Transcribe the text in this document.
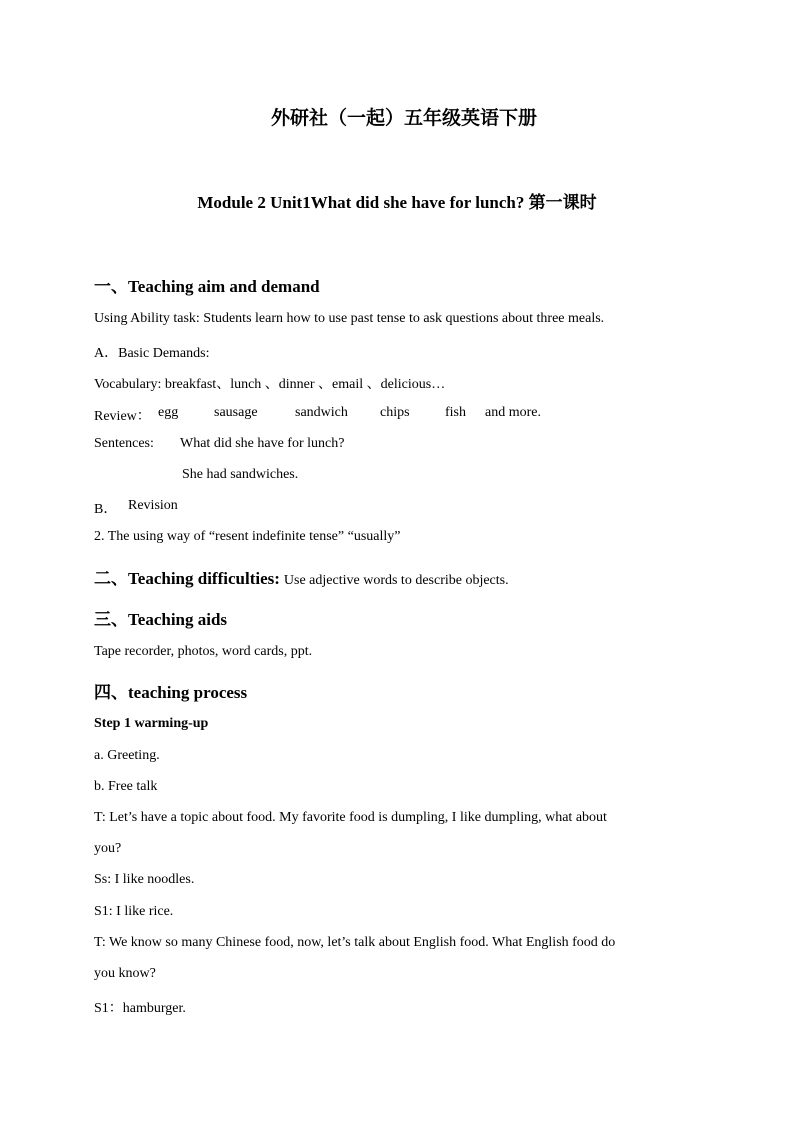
外研社（一起）五年级英语下册
Module 2 Unit1What did she have for lunch? 第一课时
一、Teaching aim and demand
Using Ability task: Students learn how to use past tense to ask questions about three meals.
A．Basic Demands:
Vocabulary: breakfast、lunch 、dinner 、email 、delicious…
Review： egg	sausage	sandwich chips	fish and more.
Sentences: What did she have for lunch?
She had sandwiches.
B． Revision
2. The using way of “resent indefinite tense” “usually”
二、Teaching difficulties: Use adjective words to describe objects.
三、Teaching aids
Tape recorder, photos, word cards, ppt.
四、teaching process
Step 1 warming-up
a. Greeting.
b. Free talk
T: Let’s have a topic about food. My favorite food is dumpling, I like dumpling, what about
you?
Ss: I like noodles.
S1: I like rice.
T: We know so many Chinese food, now, let’s talk about English food. What English food do
you know?
S1：hamburger.
